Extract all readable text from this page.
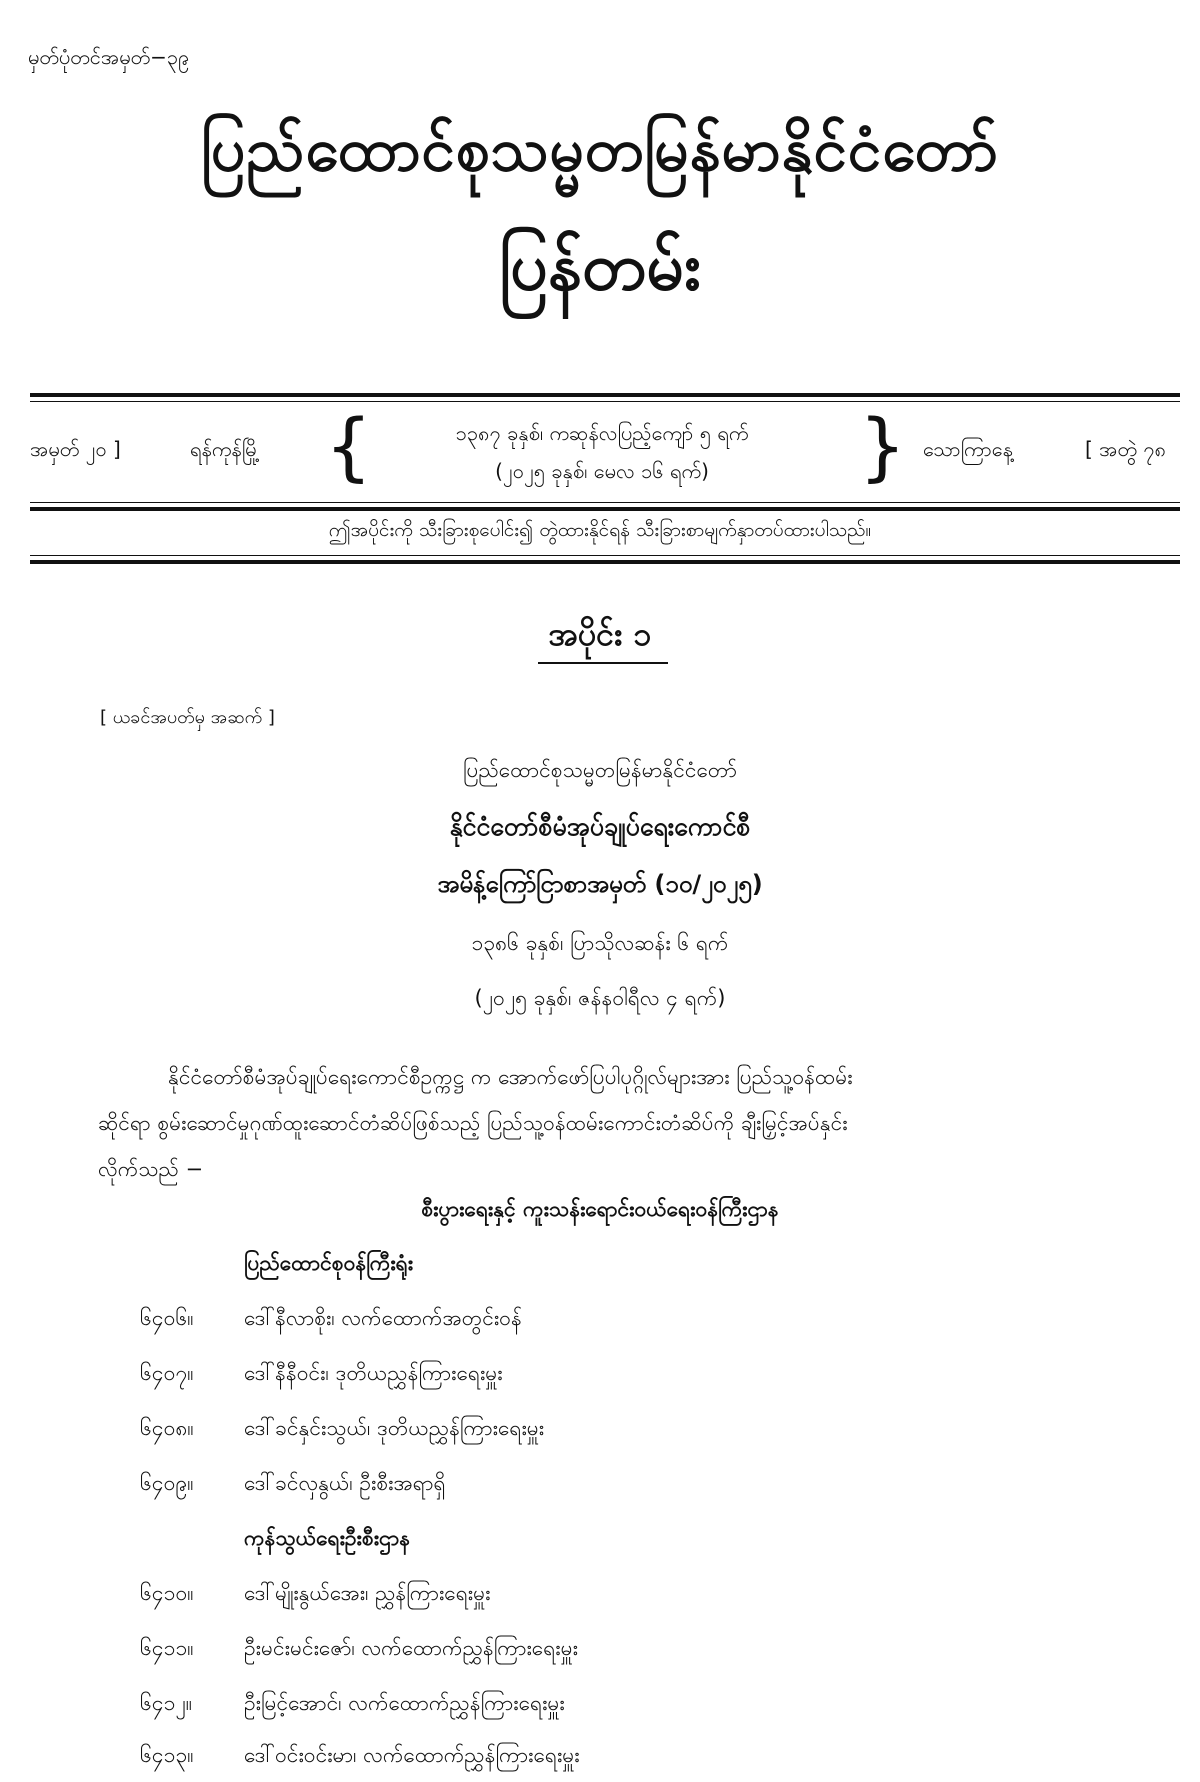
မှတ်ပုံတင်အမှတ်−၃၉
ပြည်ထောင်စုသမ္မတမြန်မာနိုင်ငံတော်
ပြန်တမ်း
အမှတ် ၂၀ ]	ရန်ကုန်မြို့ {	၁၃၈၇ ခုနှစ်၊ ကဆုန်လပြည့်ကျော် ၅ ရက်
(၂၀၂၅ ခုနှစ်၊ မေလ ၁၆ ရက်)	} သောကြာနေ့	[ အတွဲ ၇၈
ဤအပိုင်းကို သီးခြားစုပေါင်း၍ တွဲထားနိုင်ရန် သီးခြားစာမျက်နှာတပ်ထားပါသည်။
အပိုင်း ၁
[ ယခင်အပတ်မှ အဆက် ]
ပြည်ထောင်စုသမ္မတမြန်မာနိုင်ငံတော်
နိုင်ငံတော်စီမံအုပ်ချုပ်ရေးကောင်စီ
အမိန့်ကြော်ငြာစာအမှတ် (၁၀/၂၀၂၅)
၁၃၈၆ ခုနှစ်၊ ပြာသိုလဆန်း ၆ ရက်
(၂၀၂၅ ခုနှစ်၊ ဇန်နဝါရီလ ၄ ရက်)
နိုင်ငံတော်စီမံအုပ်ချုပ်ရေးကောင်စီဥက္ကဋ္ဌ က အောက်ဖော်ပြပါပုဂ္ဂိုလ်များအား ပြည်သူ့ဝန်ထမ်း
ဆိုင်ရာ စွမ်းဆောင်မှုဂုဏ်ထူးဆောင်တံဆိပ်ဖြစ်သည့် ပြည်သူ့ဝန်ထမ်းကောင်းတံဆိပ်ကို ချီးမြှင့်အပ်နှင်း
လိုက်သည် −
စီးပွားရေးနှင့် ကူးသန်းရောင်းဝယ်ရေးဝန်ကြီးဌာန
ပြည်ထောင်စုဝန်ကြီးရုံး
၆၄၀၆။ ဒေါ်နီလာစိုး၊ လက်ထောက်အတွင်းဝန်
၆၄၀၇။ ဒေါ်နီနီဝင်း၊ ဒုတိယညွှန်ကြားရေးမှူး
၆၄၀၈။ ဒေါ်ခင်နှင်းသွယ်၊ ဒုတိယညွှန်ကြားရေးမှူး
၆၄၀၉။ ဒေါ်ခင်လှနွယ်၊ ဦးစီးအရာရှိ
ကုန်သွယ်ရေးဦးစီးဌာန
၆၄၁၀။ ဒေါ်မျိုးနွယ်အေး၊ ညွှန်ကြားရေးမှူး
၆၄၁၁။ ဦးမင်းမင်းဇော်၊ လက်ထောက်ညွှန်ကြားရေးမှူး
၆၄၁၂။ ဦးမြင့်အောင်၊ လက်ထောက်ညွှန်ကြားရေးမှူး
၆၄၁၃။ ဒေါ်ဝင်းဝင်းမာ၊ လက်ထောက်ညွှန်ကြားရေးမှူး
